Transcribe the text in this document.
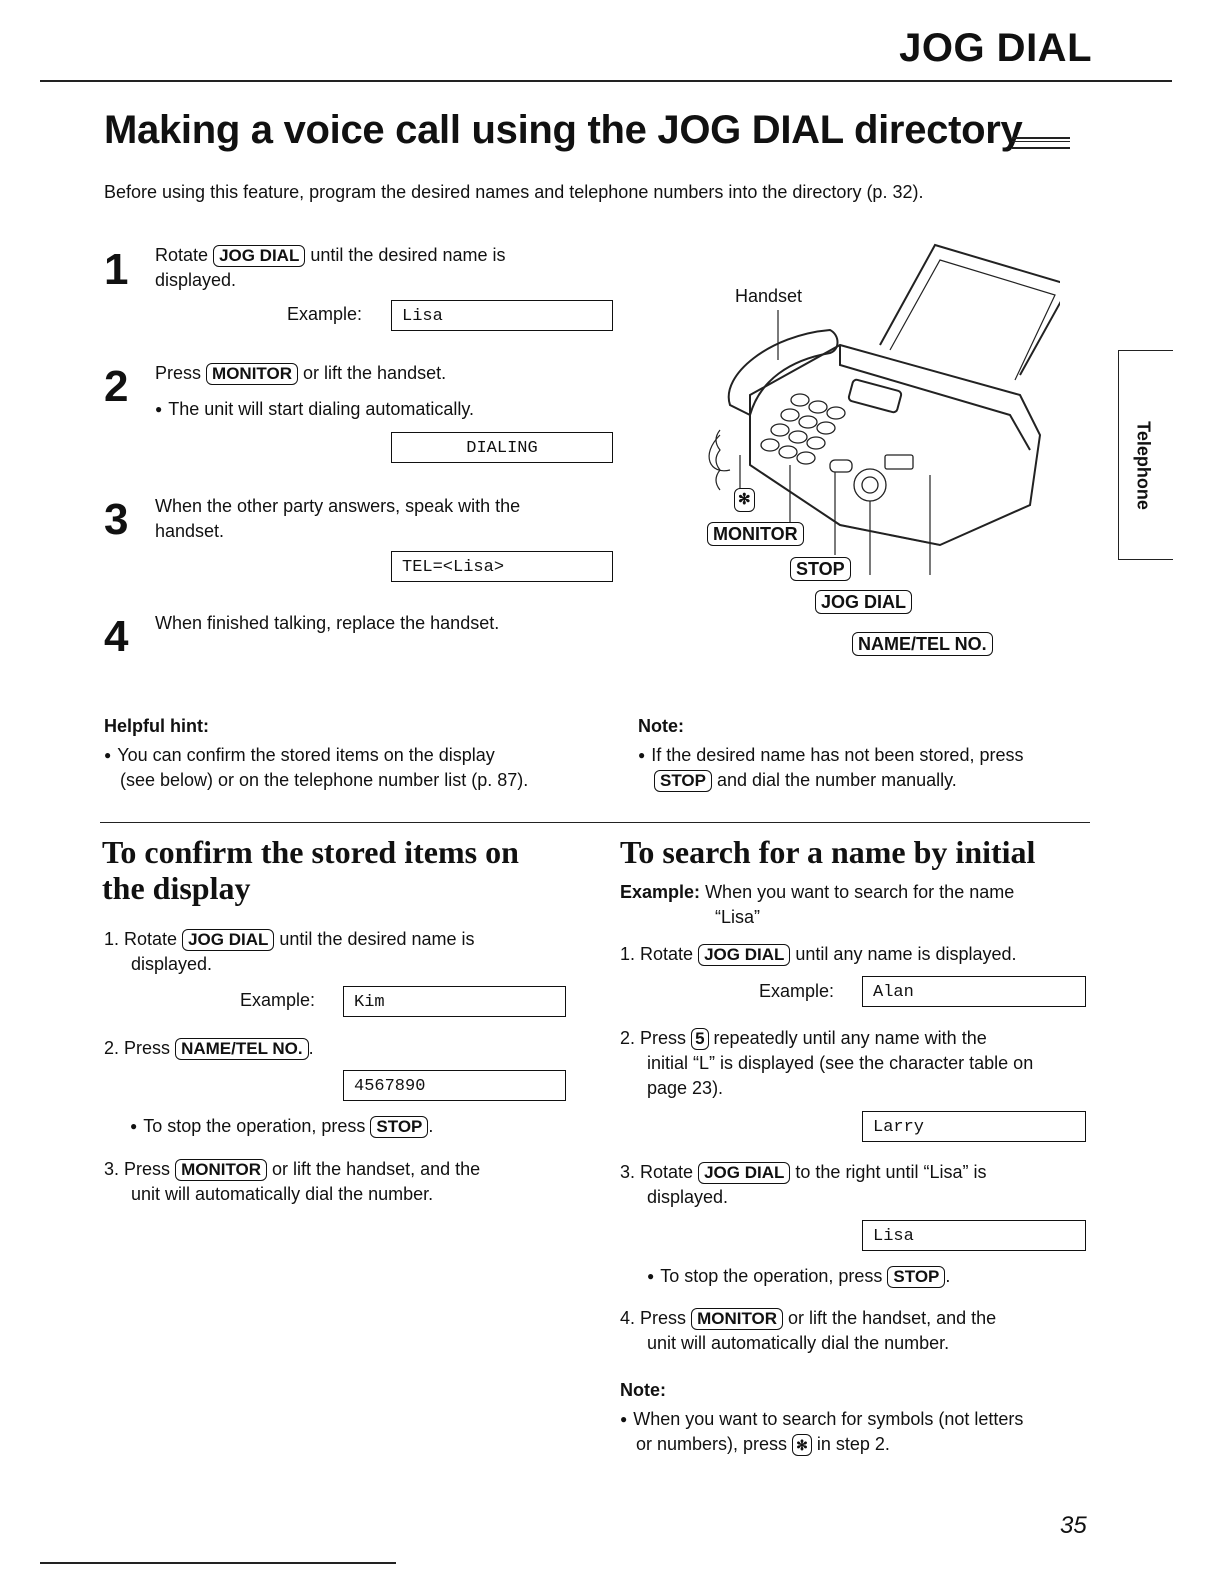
JOG DIAL
Making a voice call using the JOG DIAL directory
Before using this feature, program the desired names and telephone numbers into the directory (p. 32).
1 Rotate JOG DIAL until the desired name is
displayed.
Example:	Lisa
2 Press MONITOR or lift the handset.
● The unit will start dialing automatically.
DIALING
3 When the other party answers, speak with the
handset.
TEL=<Lisa>
4 When finished talking, replace the handset.
Handset
✻
MONITOR
STOP
JOG DIAL
NAME/TEL NO.
Telephone
Helpful hint:
● You can confirm the stored items on the display
(see below) or on the telephone number list (p. 87).
Note:
● If the desired name has not been stored, press
STOP and dial the number manually.
To confirm the stored items on
the display
1. Rotate JOG DIAL until the desired name is
displayed.
Example:	Kim
2. Press NAME/TEL NO. .
4567890
● To stop the operation, press STOP .
3. Press MONITOR or lift the handset, and the
unit will automatically dial the number.
To search for a name by initial
Example: When you want to search for the name
“Lisa”
1. Rotate JOG DIAL until any name is displayed.
Example:	Alan
2. Press 5 repeatedly until any name with the
initial “L” is displayed (see the character table on
page 23).
Larry
3. Rotate JOG DIAL to the right until “Lisa” is
displayed.
Lisa
● To stop the operation, press STOP .
4. Press MONITOR or lift the handset, and the
unit will automatically dial the number.
Note:
● When you want to search for symbols (not letters
or numbers), press ✻ in step 2.
35
